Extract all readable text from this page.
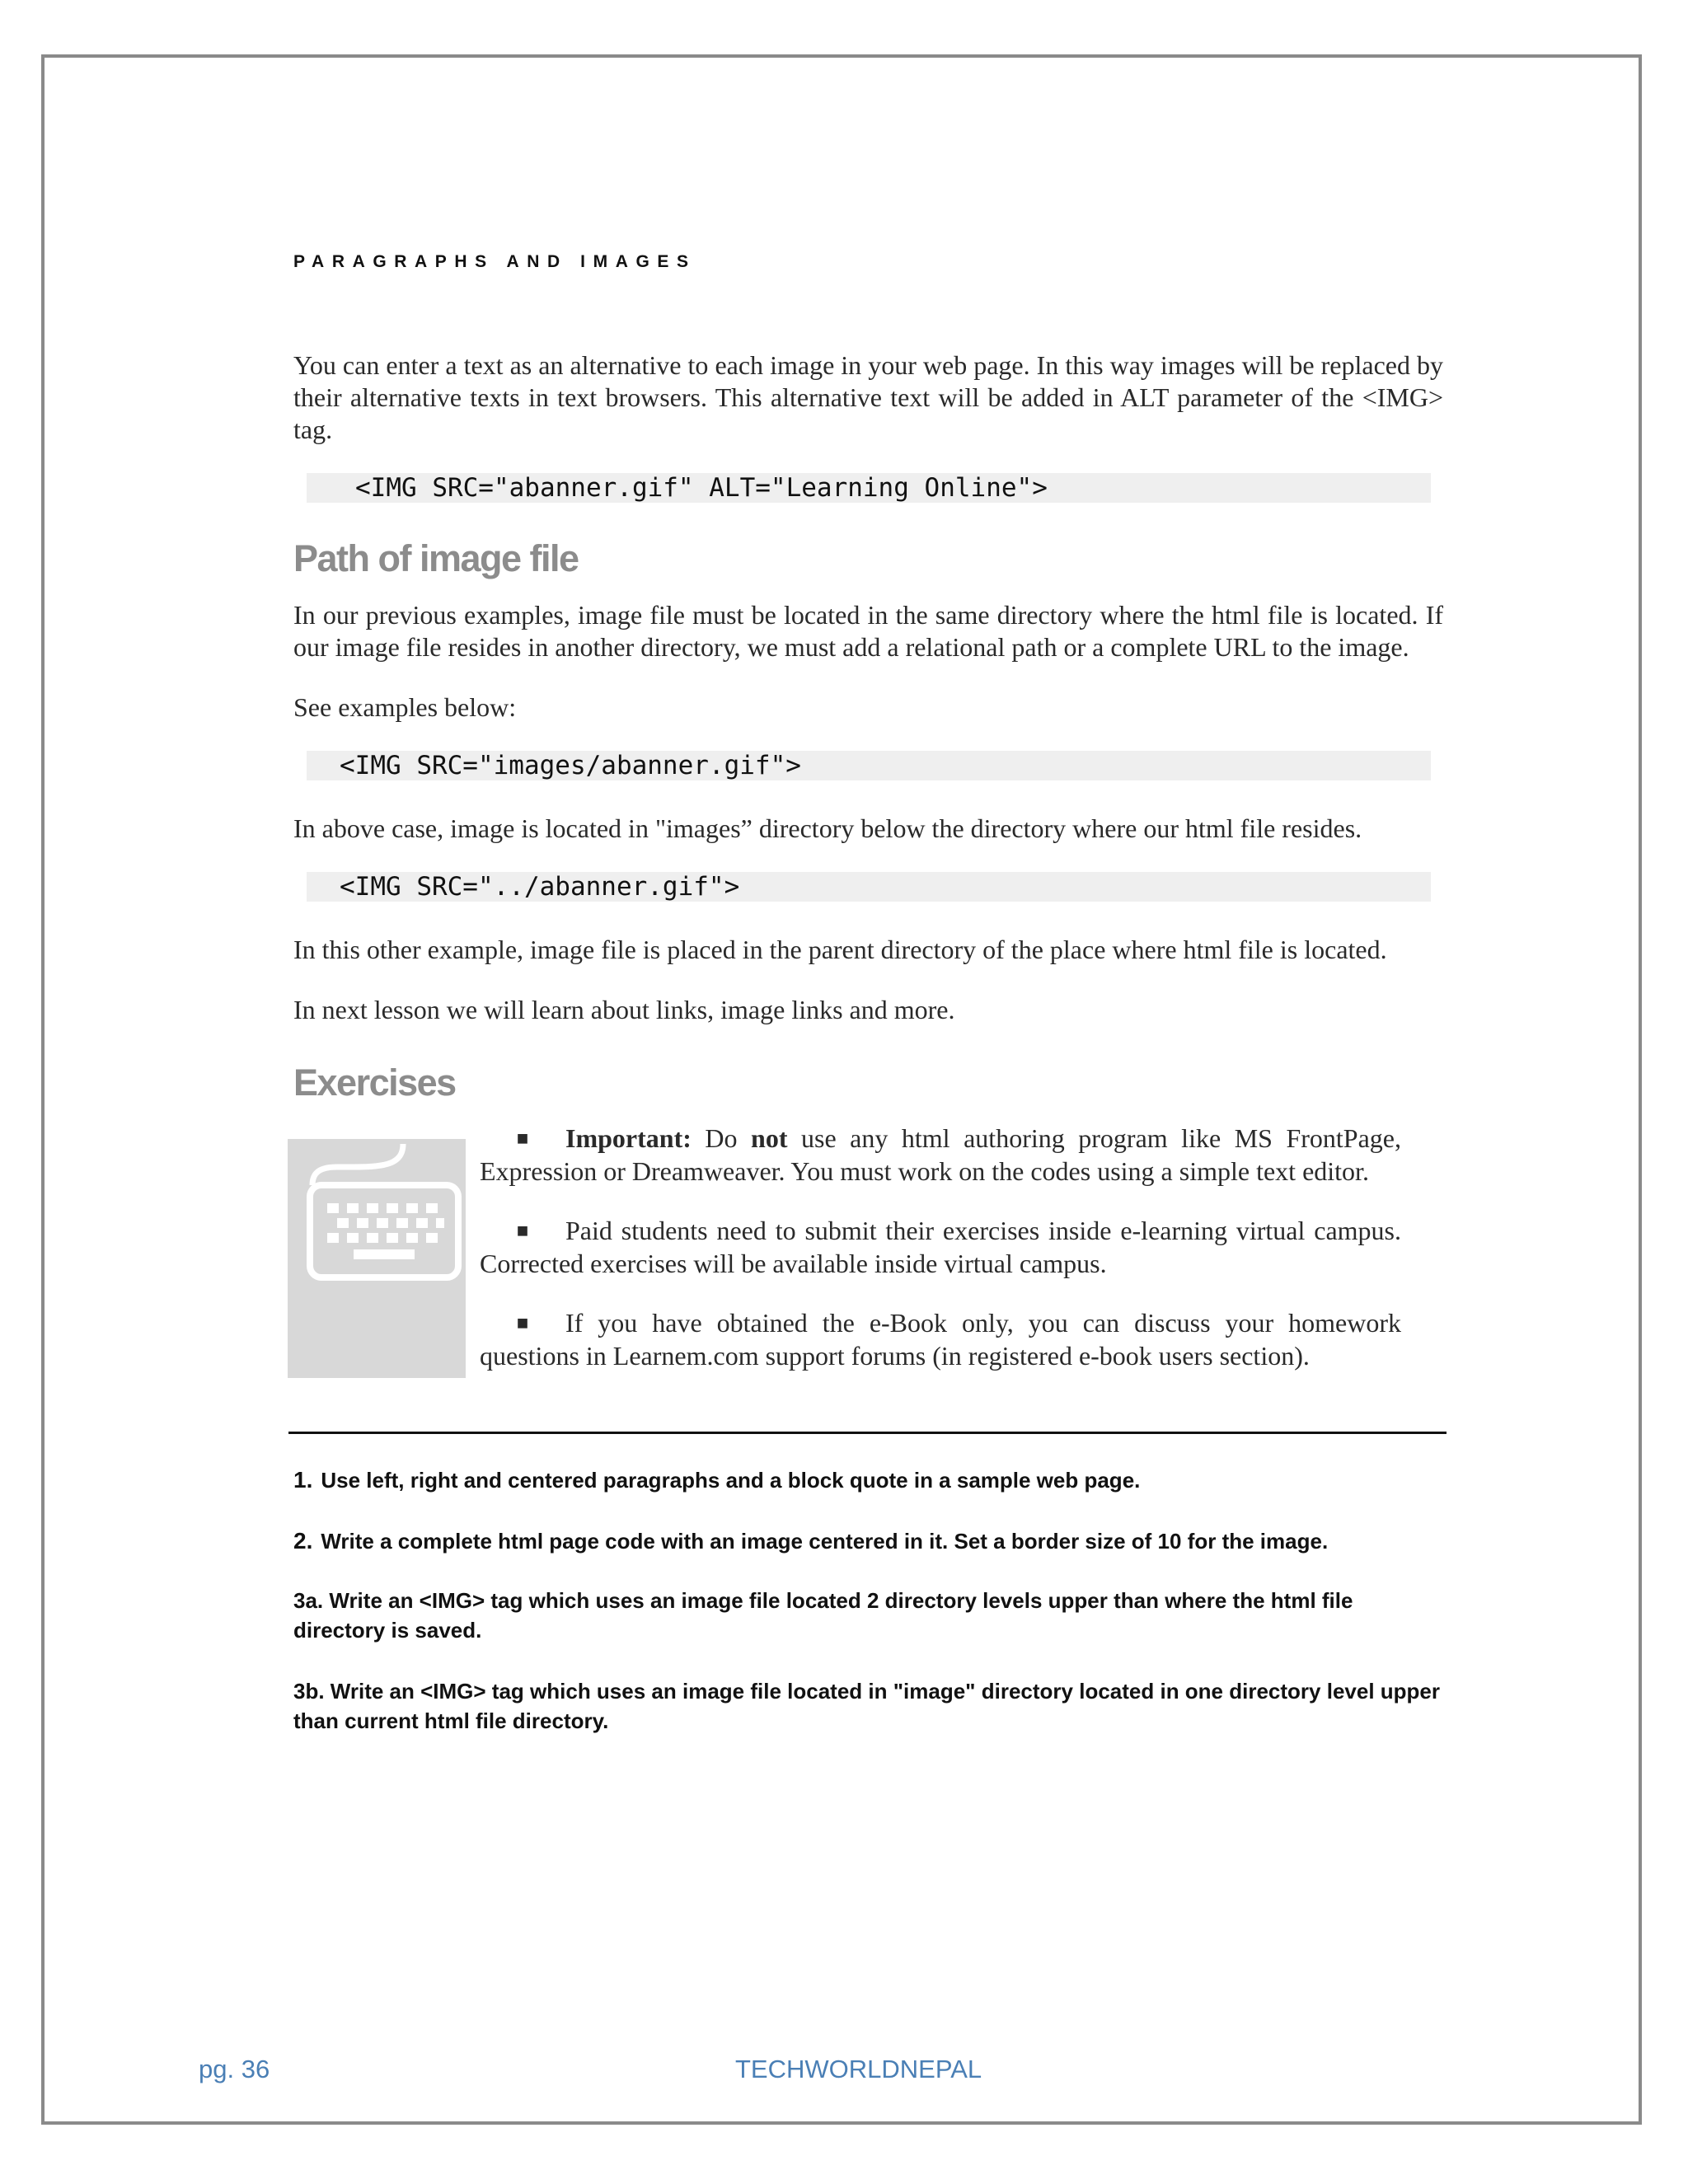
PARAGRAPHS AND IMAGES

You can enter a text as an alternative to each image in your web page. In this way images will be replaced by their alternative texts in text browsers. This alternative text will be added in ALT parameter of the <IMG> tag.

<IMG SRC="abanner.gif" ALT="Learning Online">
Path of image file

In our previous examples, image file must be located in the same directory where the html file is located. If our image file resides in another directory, we must add a relational path or a complete URL to the image.

See examples below:

<IMG SRC="images/abanner.gif">

In above case, image is located in "images” directory below the directory where our html file resides.

<IMG SRC="../abanner.gif">

In this other example, image file is placed in the parent directory of the place where html file is located.

In next lesson we will learn about links, image links and more.

Exercises
■ Important: Do not use any html authoring program like MS FrontPage, Expression or Dreamweaver. You must work on the codes using a simple text editor.
■ Paid students need to submit their exercises inside e-learning virtual campus. Corrected exercises will be available inside virtual campus.
■ If you have obtained the e-Book only, you can discuss your homework questions in Learnem.com support forums (in registered e-book users section).
1. Use left, right and centered paragraphs and a block quote in a sample web page.
2. Write a complete html page code with an image centered in it. Set a border size of 10 for the image.
3a. Write an <IMG> tag which uses an image file located 2 directory levels upper than where the html file directory is saved.
3b. Write an <IMG> tag which uses an image file located in "image" directory located in one directory level upper than current html file directory.
pg. 36	TECHWORLDNEPAL
